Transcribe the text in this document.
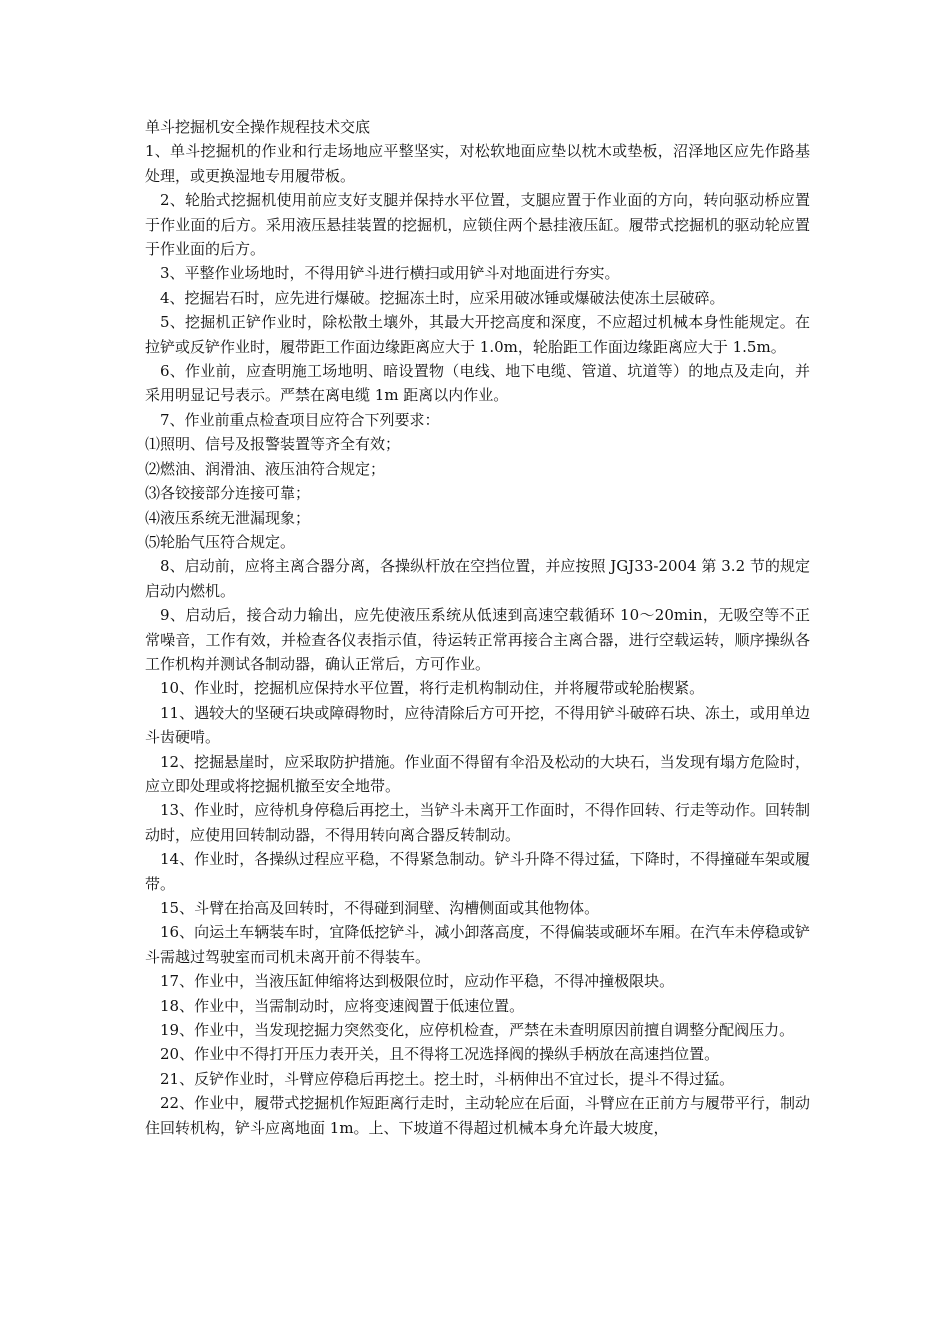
单斗挖掘机安全操作规程技术交底

1、单斗挖掘机的作业和行走场地应平整坚实，对松软地面应垫以枕木或垫板，沼泽地区应先作路基处理，或更换湿地专用履带板。

2、轮胎式挖掘机使用前应支好支腿并保持水平位置，支腿应置于作业面的方向，转向驱动桥应置于作业面的后方。采用液压悬挂装置的挖掘机，应锁住两个悬挂液压缸。履带式挖掘机的驱动轮应置于作业面的后方。

3、平整作业场地时，不得用铲斗进行横扫或用铲斗对地面进行夯实。

4、挖掘岩石时，应先进行爆破。挖掘冻土时，应采用破冰锤或爆破法使冻土层破碎。

5、挖掘机正铲作业时，除松散土壤外，其最大开挖高度和深度，不应超过机械本身性能规定。在拉铲或反铲作业时，履带距工作面边缘距离应大于 1.0m，轮胎距工作面边缘距离应大于 1.5m。

6、作业前，应查明施工场地明、暗设置物（电线、地下电缆、管道、坑道等）的地点及走向，并采用明显记号表示。严禁在离电缆 1m 距离以内作业。

7、作业前重点检查项目应符合下列要求：

⑴照明、信号及报警装置等齐全有效；

⑵燃油、润滑油、液压油符合规定；

⑶各铰接部分连接可靠；

⑷液压系统无泄漏现象；

⑸轮胎气压符合规定。

8、启动前，应将主离合器分离，各操纵杆放在空挡位置，并应按照 JGJ33-2004 第 3.2 节的规定启动内燃机。

9、启动后，接合动力输出，应先使液压系统从低速到高速空载循环 10～20min，无吸空等不正常噪音，工作有效，并检查各仪表指示值，待运转正常再接合主离合器，进行空载运转，顺序操纵各工作机构并测试各制动器，确认正常后，方可作业。

10、作业时，挖掘机应保持水平位置，将行走机构制动住，并将履带或轮胎楔紧。

11、遇较大的坚硬石块或障碍物时，应待清除后方可开挖，不得用铲斗破碎石块、冻土，或用单边斗齿硬啃。

12、挖掘悬崖时，应采取防护措施。作业面不得留有伞沿及松动的大块石，当发现有塌方危险时，应立即处理或将挖掘机撤至安全地带。

13、作业时，应待机身停稳后再挖土，当铲斗未离开工作面时，不得作回转、行走等动作。回转制动时，应使用回转制动器，不得用转向离合器反转制动。

14、作业时，各操纵过程应平稳，不得紧急制动。铲斗升降不得过猛，下降时，不得撞碰车架或履带。

15、斗臂在抬高及回转时，不得碰到洞壁、沟槽侧面或其他物体。

16、向运土车辆装车时，宜降低挖铲斗，减小卸落高度，不得偏装或砸坏车厢。在汽车未停稳或铲斗需越过驾驶室而司机未离开前不得装车。

17、作业中，当液压缸伸缩将达到极限位时，应动作平稳，不得冲撞极限块。

18、作业中，当需制动时，应将变速阀置于低速位置。

19、作业中，当发现挖掘力突然变化，应停机检查，严禁在未查明原因前擅自调整分配阀压力。

20、作业中不得打开压力表开关，且不得将工况选择阀的操纵手柄放在高速挡位置。

21、反铲作业时，斗臂应停稳后再挖土。挖土时，斗柄伸出不宜过长，提斗不得过猛。

22、作业中，履带式挖掘机作短距离行走时，主动轮应在后面，斗臂应在正前方与履带平行，制动住回转机构，铲斗应离地面 1m。上、下坡道不得超过机械本身允许最大坡度，
